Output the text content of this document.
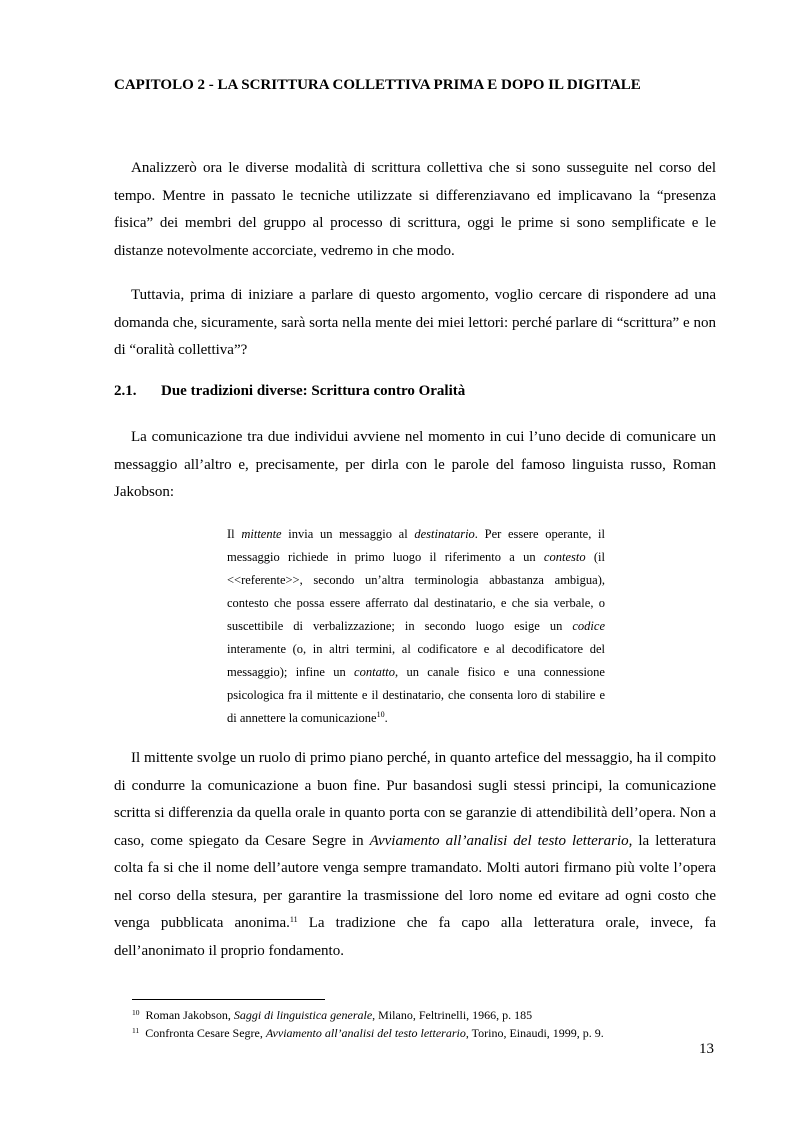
CAPITOLO 2 - LA SCRITTURA COLLETTIVA PRIMA E DOPO IL DIGITALE

Analizzerò ora le diverse modalità di scrittura collettiva che si sono susseguite nel corso del tempo. Mentre in passato le tecniche utilizzate si differenziavano ed implicavano la “presenza fisica” dei membri del gruppo al processo di scrittura, oggi le prime si sono semplificate e le distanze notevolmente accorciate, vedremo in che modo.

Tuttavia, prima di iniziare a parlare di questo argomento, voglio cercare di rispondere ad una domanda che, sicuramente, sarà sorta nella mente dei miei lettori: perché parlare di “scrittura” e non di “oralità collettiva”?

2.1. Due tradizioni diverse: Scrittura contro Oralità

La comunicazione tra due individui avviene nel momento in cui l’uno decide di comunicare un messaggio all’altro e, precisamente, per dirla con le parole del famoso linguista russo, Roman Jakobson:

Il mittente invia un messaggio al destinatario. Per essere operante, il messaggio richiede in primo luogo il riferimento a un contesto (il <<referente>>, secondo un’altra terminologia abbastanza ambigua), contesto che possa essere afferrato dal destinatario, e che sia verbale, o suscettibile di verbalizzazione; in secondo luogo esige un codice interamente (o, in altri termini, al codificatore e al decodificatore del messaggio); infine un contatto, un canale fisico e una connessione psicologica fra il mittente e il destinatario, che consenta loro di stabilire e di annettere la comunicazione$^{10}$.

Il mittente svolge un ruolo di primo piano perché, in quanto artefice del messaggio, ha il compito di condurre la comunicazione a buon fine. Pur basandosi sugli stessi principi, la comunicazione scritta si differenzia da quella orale in quanto porta con se garanzie di attendibilità dell’opera. Non a caso, come spiegato da Cesare Segre in Avviamento all’analisi del testo letterario, la letteratura colta fa si che il nome dell’autore venga sempre tramandato. Molti autori firmano più volte l’opera nel corso della stesura, per garantire la trasmissione del loro nome ed evitare ad ogni costo che venga pubblicata anonima.$^{11}$ La tradizione che fa capo alla letteratura orale, invece, fa dell’anonimato il proprio fondamento.

$^{10}$ Roman Jakobson, Saggi di linguistica generale, Milano, Feltrinelli, 1966, p. 185
$^{11}$ Confronta Cesare Segre, Avviamento all’analisi del testo letterario, Torino, Einaudi, 1999, p. 9.
13
